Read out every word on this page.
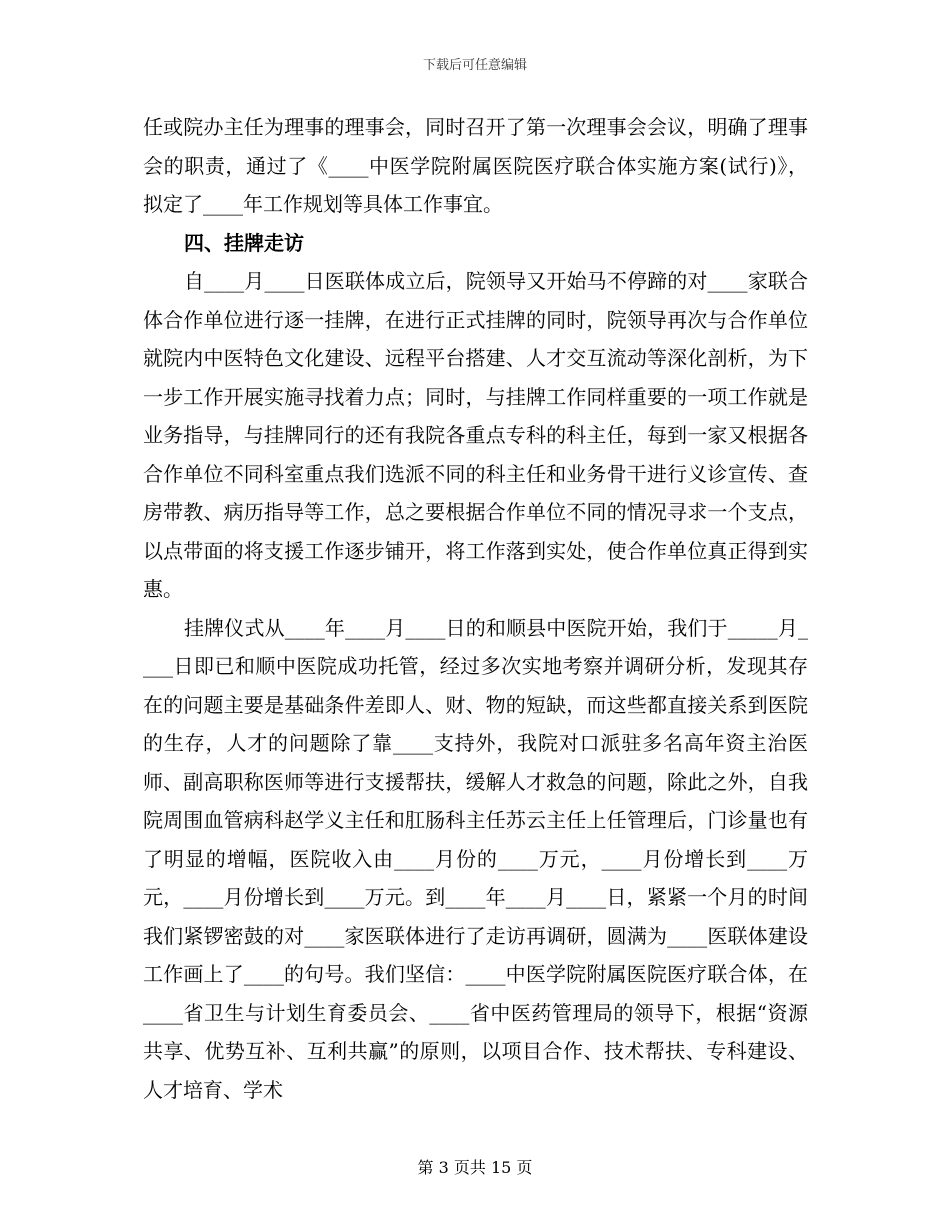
下载后可任意编辑

任或院办主任为理事的理事会，同时召开了第一次理事会会议，明确了理事会的职责，通过了《____中医学院附属医院医疗联合体实施方案(试行)》，拟定了____年工作规划等具体工作事宜。

四、挂牌走访

自____月____日医联体成立后，院领导又开始马不停蹄的对____家联合体合作单位进行逐一挂牌，在进行正式挂牌的同时，院领导再次与合作单位就院内中医特色文化建设、远程平台搭建、人才交互流动等深化剖析，为下一步工作开展实施寻找着力点；同时，与挂牌工作同样重要的一项工作就是业务指导，与挂牌同行的还有我院各重点专科的科主任，每到一家又根据各合作单位不同科室重点我们选派不同的科主任和业务骨干进行义诊宣传、查房带教、病历指导等工作，总之要根据合作单位不同的情况寻求一个支点，以点带面的将支援工作逐步铺开，将工作落到实处，使合作单位真正得到实惠。

挂牌仪式从____年____月____日的和顺县中医院开始，我们于_____月____日即已和顺中医院成功托管，经过多次实地考察并调研分析，发现其存在的问题主要是基础条件差即人、财、物的短缺，而这些都直接关系到医院的生存，人才的问题除了靠____支持外，我院对口派驻多名高年资主治医师、副高职称医师等进行支援帮扶，缓解人才救急的问题，除此之外，自我院周围血管病科赵学义主任和肛肠科主任苏云主任上任管理后，门诊量也有了明显的增幅，医院收入由____月份的____万元，____月份增长到____万元，____月份增长到____万元。到____年____月____日，紧紧一个月的时间我们紧锣密鼓的对____家医联体进行了走访再调研，圆满为____医联体建设工作画上了____的句号。我们坚信：____中医学院附属医院医疗联合体，在____省卫生与计划生育委员会、____省中医药管理局的领导下，根据“资源共享、优势互补、互利共赢”的原则，以项目合作、技术帮扶、专科建设、人才培育、学术

第 3 页共 15 页
